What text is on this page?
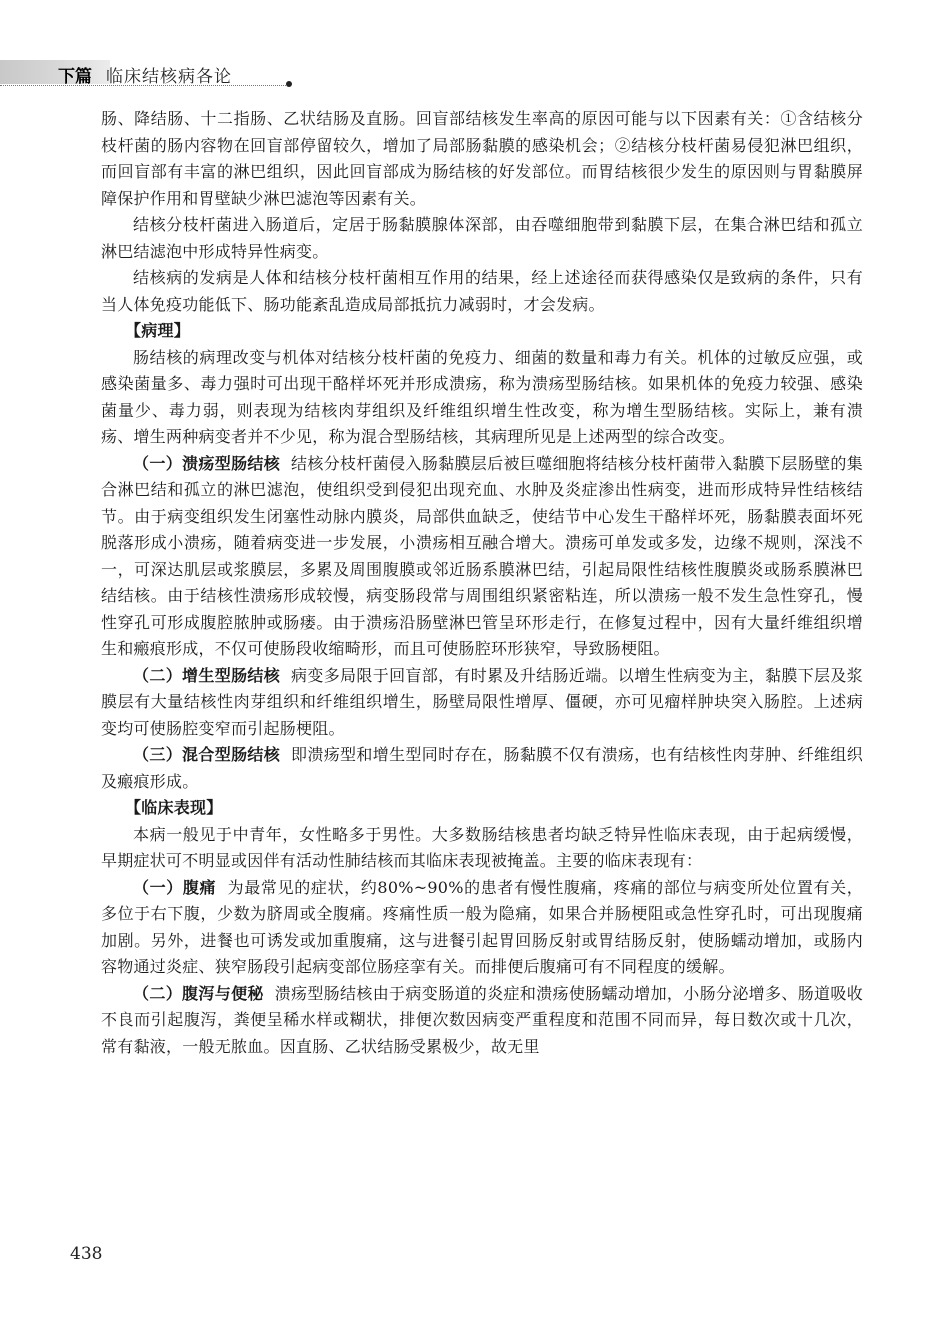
下篇 临床结核病各论

肠、降结肠、十二指肠、乙状结肠及直肠。回盲部结核发生率高的原因可能与以下因素有关：①含结核分枝杆菌的肠内容物在回盲部停留较久，增加了局部肠黏膜的感染机会；②结核分枝杆菌易侵犯淋巴组织，而回盲部有丰富的淋巴组织，因此回盲部成为肠结核的好发部位。而胃结核很少发生的原因则与胃黏膜屏障保护作用和胃壁缺少淋巴滤泡等因素有关。

结核分枝杆菌进入肠道后，定居于肠黏膜腺体深部，由吞噬细胞带到黏膜下层，在集合淋巴结和孤立淋巴结滤泡中形成特异性病变。

结核病的发病是人体和结核分枝杆菌相互作用的结果，经上述途径而获得感染仅是致病的条件，只有当人体免疫功能低下、肠功能紊乱造成局部抵抗力减弱时，才会发病。

【病理】

肠结核的病理改变与机体对结核分枝杆菌的免疫力、细菌的数量和毒力有关。机体的过敏反应强，或感染菌量多、毒力强时可出现干酪样坏死并形成溃疡，称为溃疡型肠结核。如果机体的免疫力较强、感染菌量少、毒力弱，则表现为结核肉芽组织及纤维组织增生性改变，称为增生型肠结核。实际上，兼有溃疡、增生两种病变者并不少见，称为混合型肠结核，其病理所见是上述两型的综合改变。

（一）溃疡型肠结核 结核分枝杆菌侵入肠黏膜层后被巨噬细胞将结核分枝杆菌带入黏膜下层肠壁的集合淋巴结和孤立的淋巴滤泡，使组织受到侵犯出现充血、水肿及炎症渗出性病变，进而形成特异性结核结节。由于病变组织发生闭塞性动脉内膜炎，局部供血缺乏，使结节中心发生干酪样坏死，肠黏膜表面坏死脱落形成小溃疡，随着病变进一步发展，小溃疡相互融合增大。溃疡可单发或多发，边缘不规则，深浅不一，可深达肌层或浆膜层，多累及周围腹膜或邻近肠系膜淋巴结，引起局限性结核性腹膜炎或肠系膜淋巴结结核。由于结核性溃疡形成较慢，病变肠段常与周围组织紧密粘连，所以溃疡一般不发生急性穿孔，慢性穿孔可形成腹腔脓肿或肠瘘。由于溃疡沿肠壁淋巴管呈环形走行，在修复过程中，因有大量纤维组织增生和瘢痕形成，不仅可使肠段收缩畸形，而且可使肠腔环形狭窄，导致肠梗阻。

（二）增生型肠结核 病变多局限于回盲部，有时累及升结肠近端。以增生性病变为主，黏膜下层及浆膜层有大量结核性肉芽组织和纤维组织增生，肠壁局限性增厚、僵硬，亦可见瘤样肿块突入肠腔。上述病变均可使肠腔变窄而引起肠梗阻。

（三）混合型肠结核 即溃疡型和增生型同时存在，肠黏膜不仅有溃疡，也有结核性肉芽肿、纤维组织及瘢痕形成。

【临床表现】

本病一般见于中青年，女性略多于男性。大多数肠结核患者均缺乏特异性临床表现，由于起病缓慢，早期症状可不明显或因伴有活动性肺结核而其临床表现被掩盖。主要的临床表现有：

（一）腹痛 为最常见的症状，约80%~90%的患者有慢性腹痛，疼痛的部位与病变所处位置有关，多位于右下腹，少数为脐周或全腹痛。疼痛性质一般为隐痛，如果合并肠梗阻或急性穿孔时，可出现腹痛加剧。另外，进餐也可诱发或加重腹痛，这与进餐引起胃回肠反射或胃结肠反射，使肠蠕动增加，或肠内容物通过炎症、狭窄肠段引起病变部位肠痉挛有关。而排便后腹痛可有不同程度的缓解。

（二）腹泻与便秘 溃疡型肠结核由于病变肠道的炎症和溃疡使肠蠕动增加，小肠分泌增多、肠道吸收不良而引起腹泻，粪便呈稀水样或糊状，排便次数因病变严重程度和范围不同而异，每日数次或十几次，常有黏液，一般无脓血。因直肠、乙状结肠受累极少，故无里

438
